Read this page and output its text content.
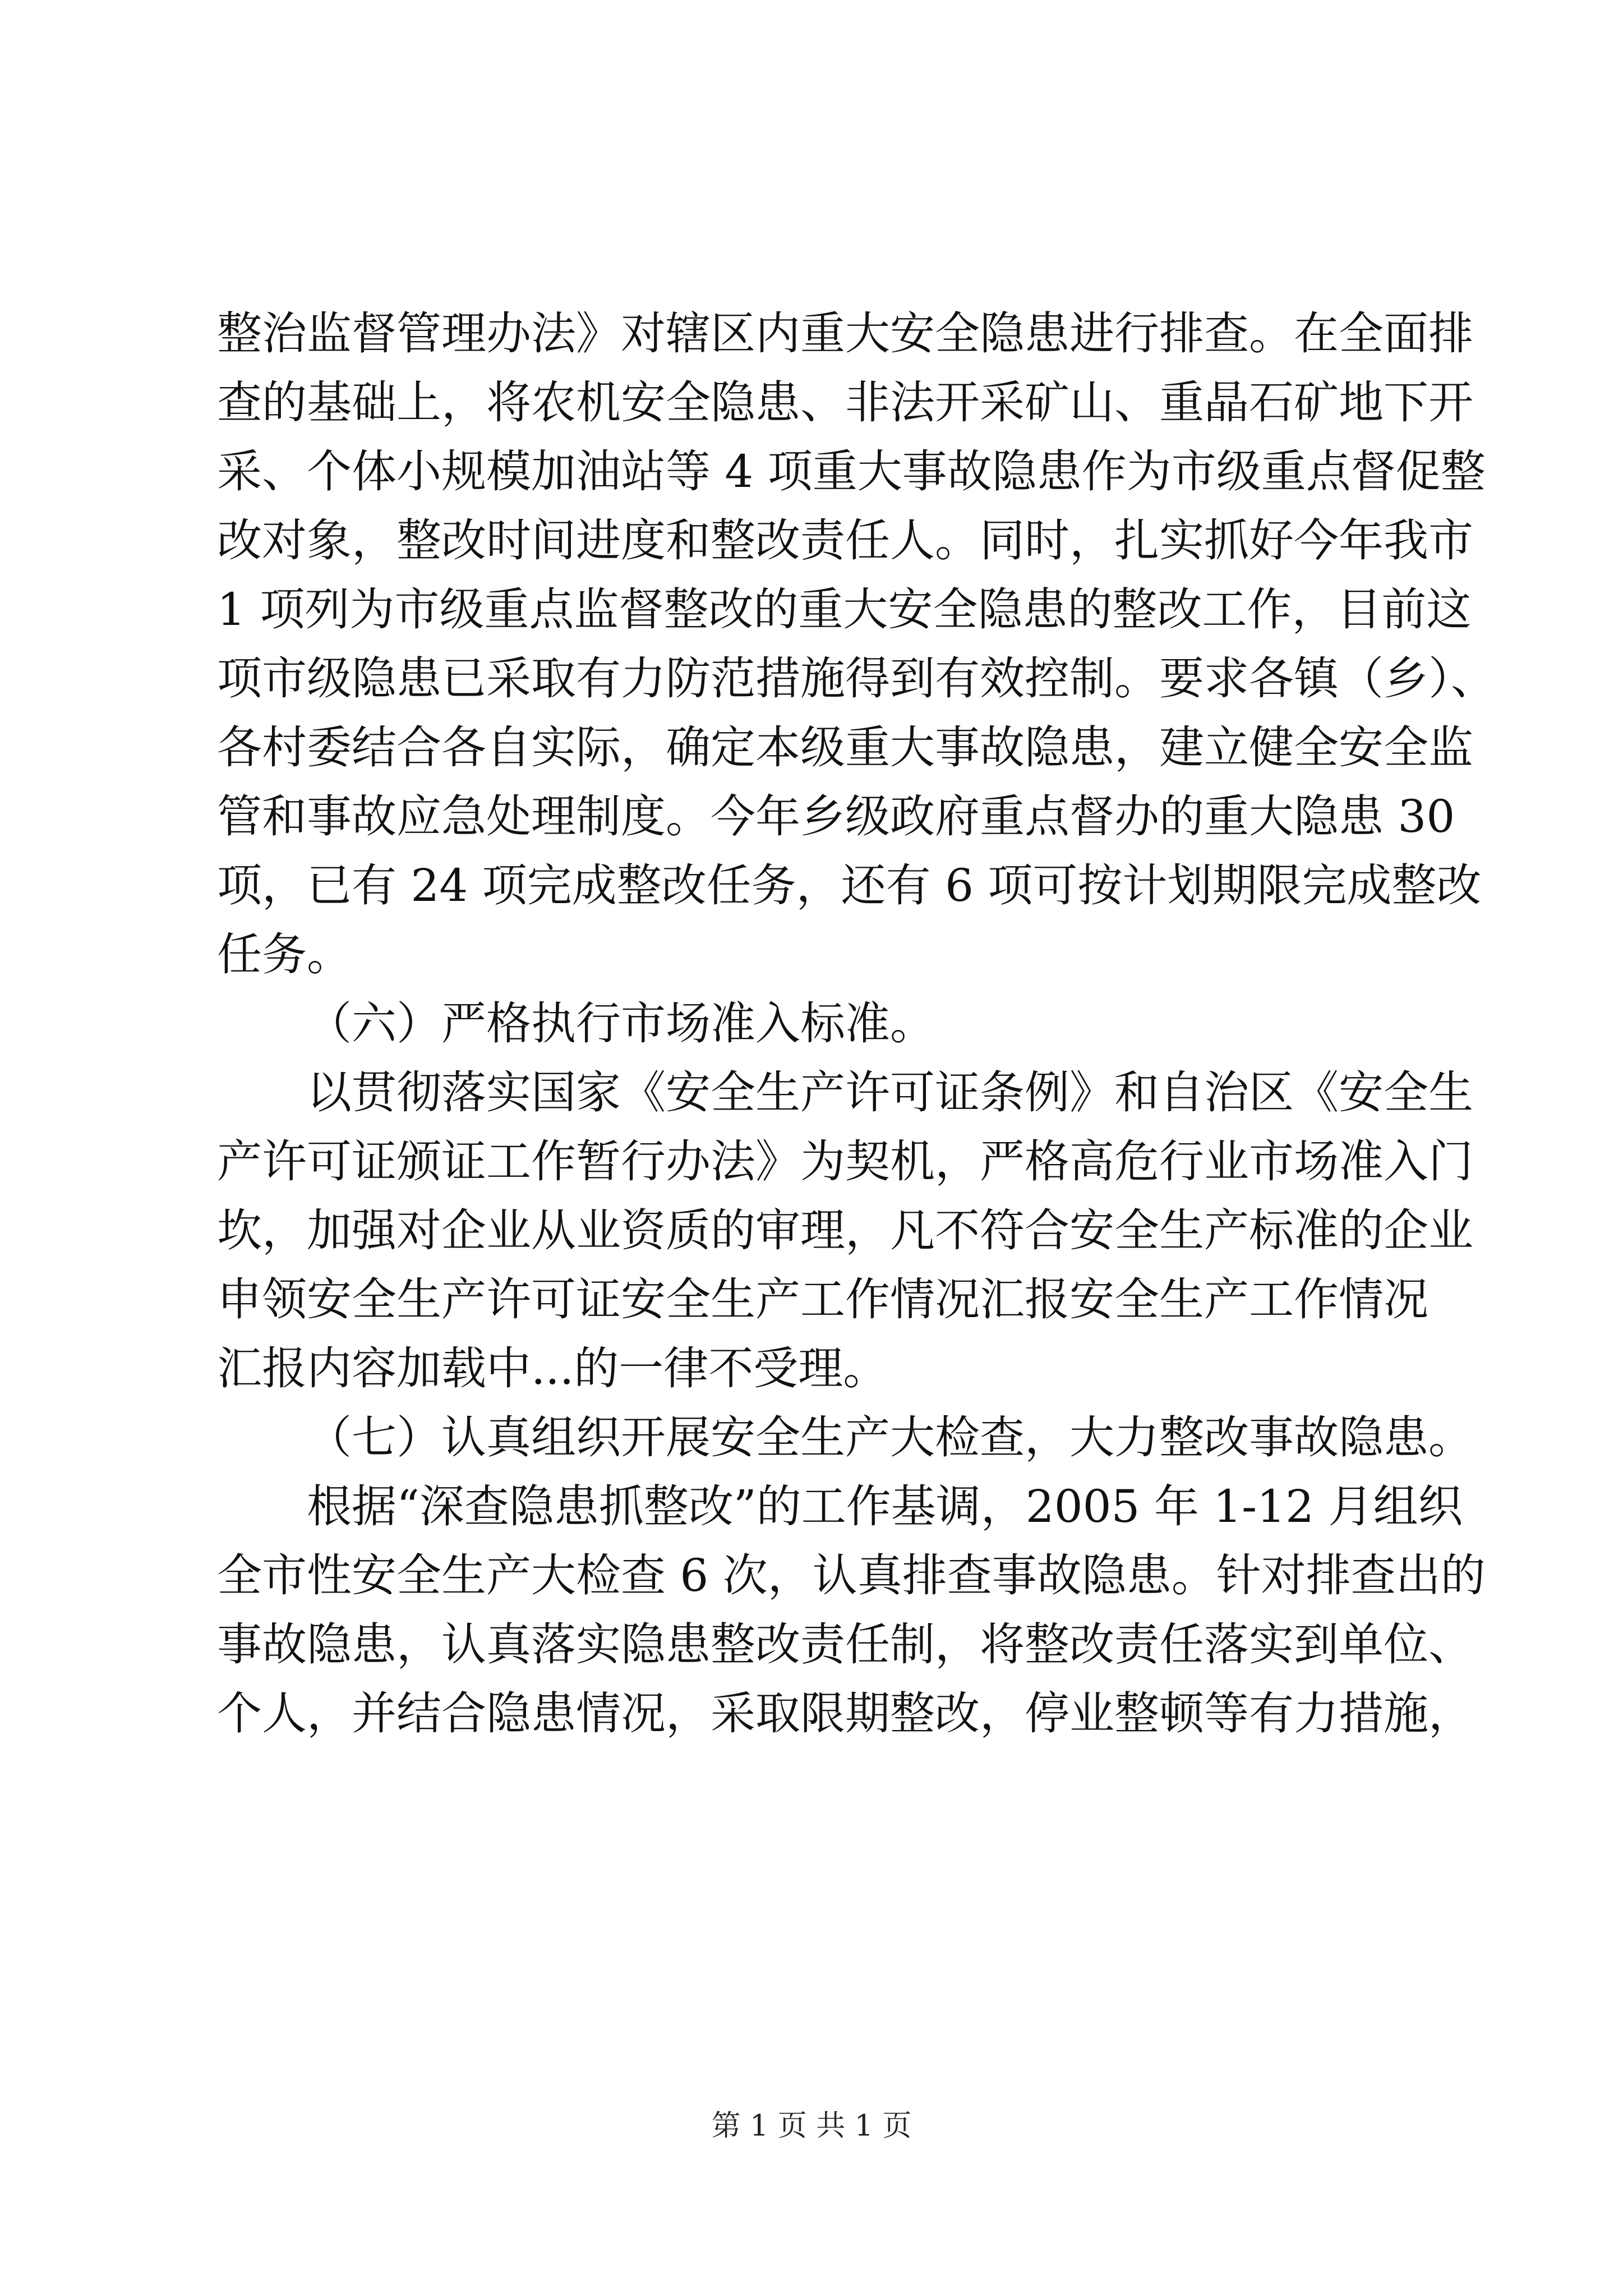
整治监督管理办法》对辖区内重大安全隐患进行排查。在全面排
查的基础上，将农机安全隐患、非法开采矿山、重晶石矿地下开
采、个体小规模加油站等 4 项重大事故隐患作为市级重点督促整
改对象，整改时间进度和整改责任人。同时，扎实抓好今年我市
1 项列为市级重点监督整改的重大安全隐患的整改工作，目前这
项市级隐患已采取有力防范措施得到有效控制。要求各镇（乡）、
各村委结合各自实际，确定本级重大事故隐患，建立健全安全监
管和事故应急处理制度。今年乡级政府重点督办的重大隐患 30
项，已有 24 项完成整改任务，还有 6 项可按计划期限完成整改
任务。
（六）严格执行市场准入标准。
以贯彻落实国家《安全生产许可证条例》和自治区《安全生
产许可证颁证工作暂行办法》为契机，严格高危行业市场准入门
坎，加强对企业从业资质的审理，凡不符合安全生产标准的企业
申领安全生产许可证安全生产工作情况汇报安全生产工作情况
汇报内容加载中...的一律不受理。
（七）认真组织开展安全生产大检查，大力整改事故隐患。
根据“深查隐患抓整改”的工作基调，2005 年 1-12 月组织
全市性安全生产大检查 6 次，认真排查事故隐患。针对排查出的
事故隐患，认真落实隐患整改责任制，将整改责任落实到单位、
个人，并结合隐患情况，采取限期整改，停业整顿等有力措施，
第 1 页 共 1 页
